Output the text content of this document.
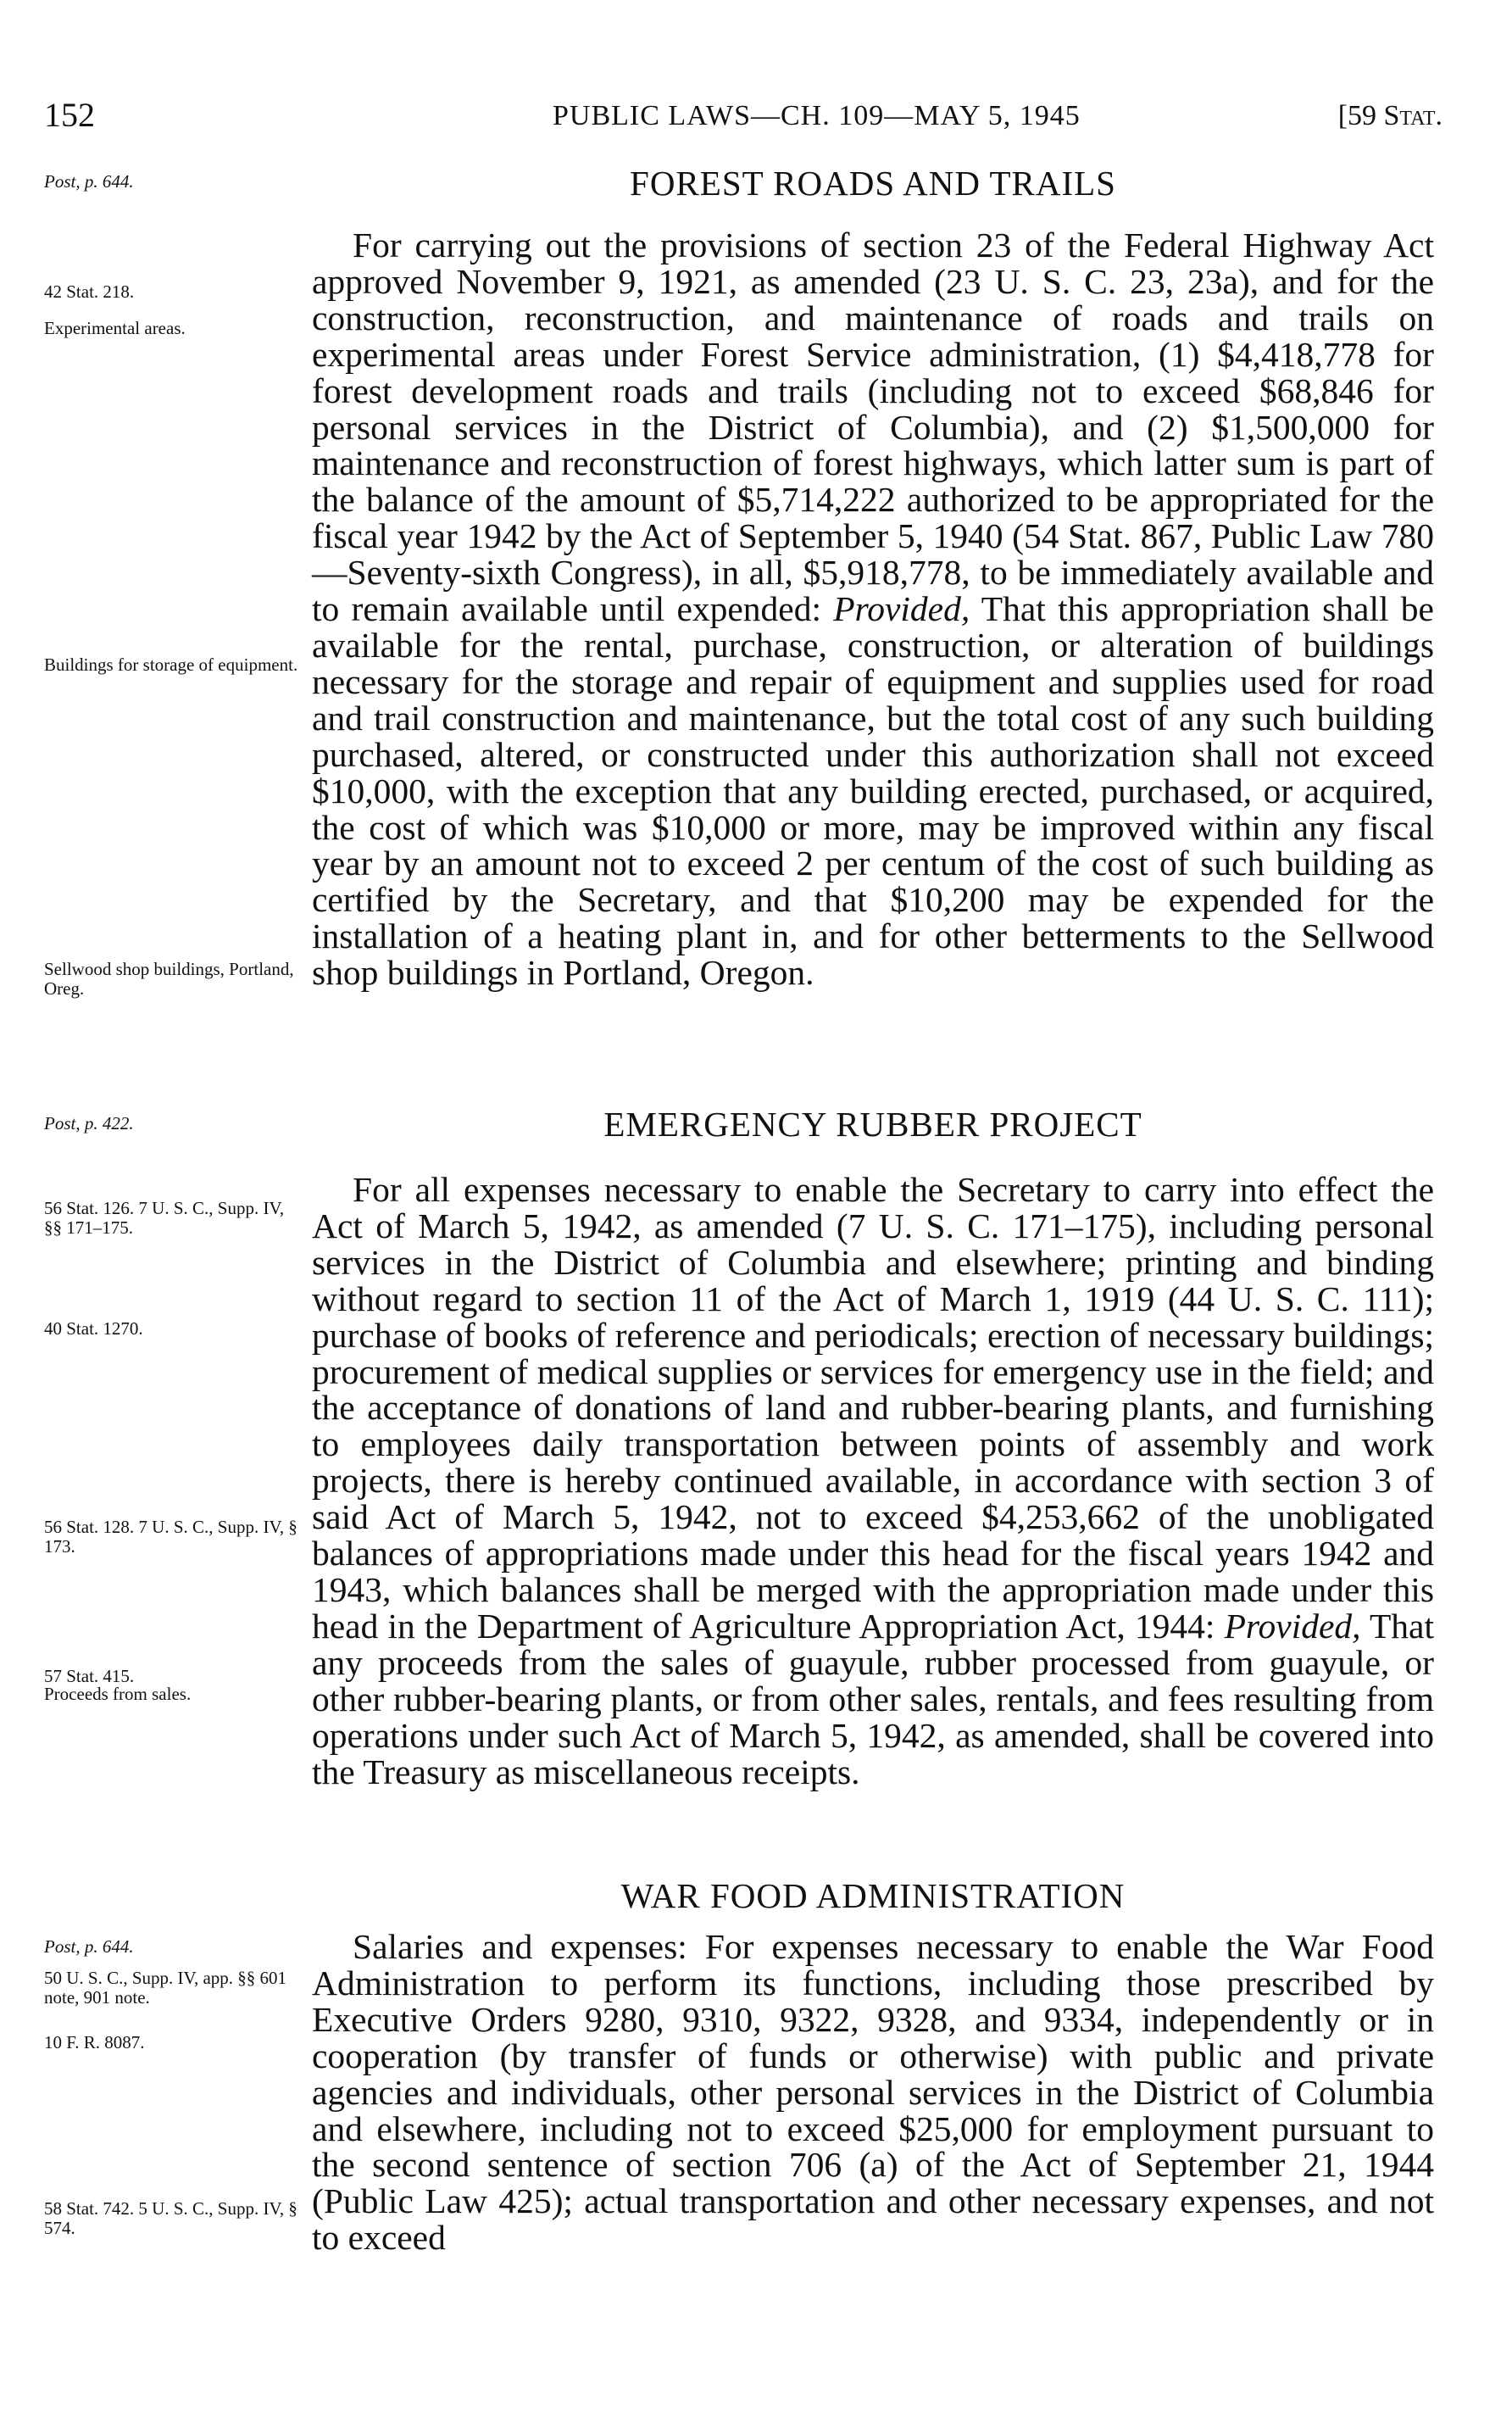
152	PUBLIC LAWS—CH. 109—MAY 5, 1945	[59 Stat.
FOREST ROADS AND TRAILS

For carrying out the provisions of section 23 of the Federal Highway Act approved November 9, 1921, as amended (23 U. S. C. 23, 23a), and for the construction, reconstruction, and maintenance of roads and trails on experimental areas under Forest Service administration, (1) $4,418,778 for forest development roads and trails (including not to exceed $68,846 for personal services in the District of Columbia), and (2) $1,500,000 for maintenance and reconstruction of forest highways, which latter sum is part of the balance of the amount of $5,714,222 authorized to be appropriated for the fiscal year 1942 by the Act of September 5, 1940 (54 Stat. 867, Public Law 780—Seventy-sixth Congress), in all, $5,918,778, to be immediately available and to remain available until expended: Provided, That this appropriation shall be available for the rental, purchase, construction, or alteration of buildings necessary for the storage and repair of equipment and supplies used for road and trail construction and maintenance, but the total cost of any such building purchased, altered, or constructed under this authorization shall not exceed $10,000, with the exception that any building erected, purchased, or acquired, the cost of which was $10,000 or more, may be improved within any fiscal year by an amount not to exceed 2 per centum of the cost of such building as certified by the Secretary, and that $10,200 may be expended for the installation of a heating plant in, and for other betterments to the Sellwood shop buildings in Portland, Oregon.

EMERGENCY RUBBER PROJECT

For all expenses necessary to enable the Secretary to carry into effect the Act of March 5, 1942, as amended (7 U. S. C. 171–175), including personal services in the District of Columbia and elsewhere; printing and binding without regard to section 11 of the Act of March 1, 1919 (44 U. S. C. 111); purchase of books of reference and periodicals; erection of necessary buildings; procurement of medical supplies or services for emergency use in the field; and the acceptance of donations of land and rubber-bearing plants, and furnishing to employees daily transportation between points of assembly and work projects, there is hereby continued available, in accordance with section 3 of said Act of March 5, 1942, not to exceed $4,253,662 of the unobligated balances of appropriations made under this head for the fiscal years 1942 and 1943, which balances shall be merged with the appropriation made under this head in the Department of Agriculture Appropriation Act, 1944: Provided, That any proceeds from the sales of guayule, rubber processed from guayule, or other rubber-bearing plants, or from other sales, rentals, and fees resulting from operations under such Act of March 5, 1942, as amended, shall be covered into the Treasury as miscellaneous receipts.

WAR FOOD ADMINISTRATION

Salaries and expenses: For expenses necessary to enable the War Food Administration to perform its functions, including those prescribed by Executive Orders 9280, 9310, 9322, 9328, and 9334, independently or in cooperation (by transfer of funds or otherwise) with public and private agencies and individuals, other personal services in the District of Columbia and elsewhere, including not to exceed $25,000 for employment pursuant to the second sentence of section 706 (a) of the Act of September 21, 1944 (Public Law 425); actual transportation and other necessary expenses, and not to exceed

Post, p. 644.
42 Stat. 218.
Experimental areas.
Buildings for storage of equipment.
Sellwood shop buildings, Portland, Oreg.
Post, p. 422.
56 Stat. 126. 7 U. S. C., Supp. IV, §§ 171–175.
40 Stat. 1270.
56 Stat. 128. 7 U. S. C., Supp. IV, § 173.
57 Stat. 415.
Proceeds from sales.
Post, p. 644.
50 U. S. C., Supp. IV, app. §§ 601 note, 901 note.
10 F. R. 8087.
58 Stat. 742. 5 U. S. C., Supp. IV, § 574.
